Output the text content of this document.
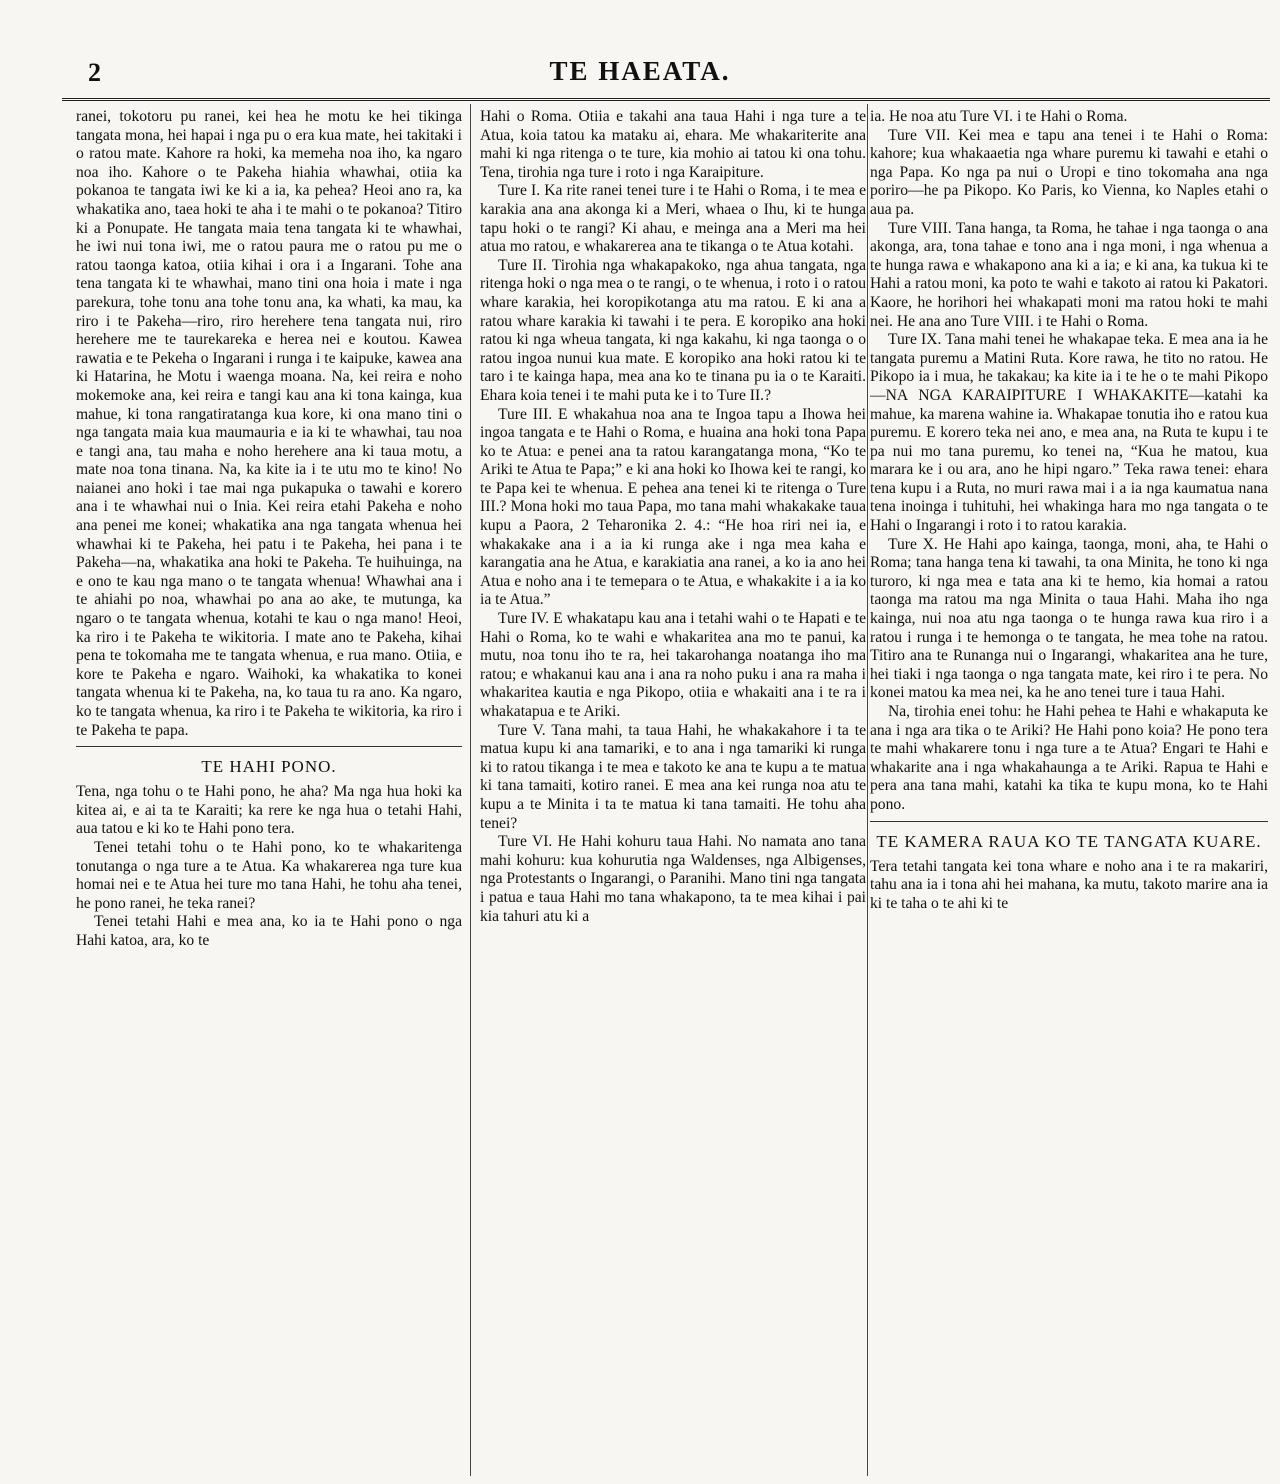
2	TE HAEATA.

ranei, tokotoru pu ranei, kei hea he motu ke hei tikinga tangata mona, hei hapai i nga pu o era kua mate, hei takitaki i o ratou mate. Kahore ra hoki, ka memeha noa iho, ka ngaro noa iho. Kahore o te Pakeha hiahia whawhai, otiia ka pokanoa te tangata iwi ke ki a ia, ka pehea? Heoi ano ra, ka whakatika ano, taea hoki te aha i te mahi o te pokanoa? Titiro ki a Ponupate. He tangata maia tena tangata ki te whawhai, he iwi nui tona iwi, me o ratou paura me o ratou pu me o ratou taonga katoa, otiia kihai i ora i a Ingarani. Tohe ana tena tangata ki te whawhai, mano tini ona hoia i mate i nga parekura, tohe tonu ana tohe tonu ana, ka whati, ka mau, ka riro i te Pakeha—riro, riro herehere tena tangata nui, riro herehere me te taurekareka e herea nei e koutou. Kawea rawatia e te Pekeha o Ingarani i runga i te kaipuke, kawea ana ki Hatarina, he Motu i waenga moana. Na, kei reira e noho mokemoke ana, kei reira e tangi kau ana ki tona kainga, kua mahue, ki tona rangatiratanga kua kore, ki ona mano tini o nga tangata maia kua maumauria e ia ki te whawhai, tau noa e tangi ana, tau maha e noho herehere ana ki taua motu, a mate noa tona tinana. Na, ka kite ia i te utu mo te kino! No naianei ano hoki i tae mai nga pukapuka o tawahi e korero ana i te whawhai nui o Inia. Kei reira etahi Pakeha e noho ana penei me konei; whakatika ana nga tangata whenua hei whawhai ki te Pakeha, hei patu i te Pakeha, hei pana i te Pakeha—na, whakatika ana hoki te Pakeha. Te huihuinga, na e ono te kau nga mano o te tangata whenua! Whawhai ana i te ahiahi po noa, whawhai po ana ao ake, te mutunga, ka ngaro o te tangata whenua, kotahi te kau o nga mano! Heoi, ka riro i te Pakeha te wikitoria. I mate ano te Pakeha, kihai pena te tokomaha me te tangata whenua, e rua mano. Otiia, e kore te Pakeha e ngaro. Waihoki, ka whakatika to konei tangata whenua ki te Pakeha, na, ko taua tu ra ano. Ka ngaro, ko te tangata whenua, ka riro i te Pakeha te wikitoria, ka riro i te Pakeha te papa.

TE HAHI PONO.

Tena, nga tohu o te Hahi pono, he aha? Ma nga hua hoki ka kitea ai, e ai ta te Karaiti; ka rere ke nga hua o tetahi Hahi, aua tatou e ki ko te Hahi pono tera.

Tenei tetahi tohu o te Hahi pono, ko te whakaritenga tonutanga o nga ture a te Atua. Ka whakarerea nga ture kua homai nei e te Atua hei ture mo tana Hahi, he tohu aha tenei, he pono ranei, he teka ranei?

Tenei tetahi Hahi e mea ana, ko ia te Hahi pono o nga Hahi katoa, ara, ko te

Hahi o Roma. Otiia e takahi ana taua Hahi i nga ture a te Atua, koia tatou ka mataku ai, ehara. Me whakariterite ana mahi ki nga ritenga o te ture, kia mohio ai tatou ki ona tohu. Tena, tirohia nga ture i roto i nga Karaipiture.

Ture I. Ka rite ranei tenei ture i te Hahi o Roma, i te mea e karakia ana ana akonga ki a Meri, whaea o Ihu, ki te hunga tapu hoki o te rangi? Ki ahau, e meinga ana a Meri ma hei atua mo ratou, e whakarerea ana te tikanga o te Atua kotahi.

Ture II. Tirohia nga whakapakoko, nga ahua tangata, nga ritenga hoki o nga mea o te rangi, o te whenua, i roto i o ratou whare karakia, hei koropikotanga atu ma ratou. E ki ana a ratou whare karakia ki tawahi i te pera. E koropiko ana hoki ratou ki nga wheua tangata, ki nga kakahu, ki nga taonga o o ratou ingoa nunui kua mate. E koropiko ana hoki ratou ki te taro i te kainga hapa, mea ana ko te tinana pu ia o te Karaiti. Ehara koia tenei i te mahi puta ke i to Ture II.?

Ture III. E whakahua noa ana te Ingoa tapu a Ihowa hei ingoa tangata e te Hahi o Roma, e huaina ana hoki tona Papa ko te Atua: e penei ana ta ratou karangatanga mona, “Ko te Ariki te Atua te Papa;” e ki ana hoki ko Ihowa kei te rangi, ko te Papa kei te whenua. E pehea ana tenei ki te ritenga o Ture III.? Mona hoki mo taua Papa, mo tana mahi whakakake taua kupu a Paora, 2 Teharonika 2. 4.: “He hoa riri nei ia, e whakakake ana i a ia ki runga ake i nga mea kaha e karangatia ana he Atua, e karakiatia ana ranei, a ko ia ano hei Atua e noho ana i te temepara o te Atua, e whakakite i a ia ko ia te Atua.”

Ture IV. E whakatapu kau ana i tetahi wahi o te Hapati e te Hahi o Roma, ko te wahi e whakaritea ana mo te panui, ka mutu, noa tonu iho te ra, hei takarohanga noatanga iho ma ratou; e whakanui kau ana i ana ra noho puku i ana ra maha i whakaritea kautia e nga Pikopo, otiia e whakaiti ana i te ra i whakatapua e te Ariki.

Ture V. Tana mahi, ta taua Hahi, he whakakahore i ta te matua kupu ki ana tamariki, e to ana i nga tamariki ki runga ki to ratou tikanga i te mea e takoto ke ana te kupu a te matua ki tana tamaiti, kotiro ranei. E mea ana kei runga noa atu te kupu a te Minita i ta te matua ki tana tamaiti. He tohu aha tenei?

Ture VI. He Hahi kohuru taua Hahi. No namata ano tana mahi kohuru: kua kohurutia nga Waldenses, nga Albigenses, nga Protestants o Ingarangi, o Paranihi. Mano tini nga tangata i patua e taua Hahi mo tana whakapono, ta te mea kihai i pai kia tahuri atu ki a

ia. He noa atu Ture VI. i te Hahi o Roma.

Ture VII. Kei mea e tapu ana tenei i te Hahi o Roma: kahore; kua whakaaetia nga whare puremu ki tawahi e etahi o nga Papa. Ko nga pa nui o Uropi e tino tokomaha ana nga poriro—he pa Pikopo. Ko Paris, ko Vienna, ko Naples etahi o aua pa.

Ture VIII. Tana hanga, ta Roma, he tahae i nga taonga o ana akonga, ara, tona tahae e tono ana i nga moni, i nga whenua a te hunga rawa e whakapono ana ki a ia; e ki ana, ka tukua ki te Hahi a ratou moni, ka poto te wahi e takoto ai ratou ki Pakatori. Kaore, he horihori hei whakapati moni ma ratou hoki te mahi nei. He ana ano Ture VIII. i te Hahi o Roma.

Ture IX. Tana mahi tenei he whakapae teka. E mea ana ia he tangata puremu a Matini Ruta. Kore rawa, he tito no ratou. He Pikopo ia i mua, he takakau; ka kite ia i te he o te mahi Pikopo—NA NGA KARAIPITURE I WHAKAKITE—katahi ka mahue, ka marena wahine ia. Whakapae tonutia iho e ratou kua puremu. E korero teka nei ano, e mea ana, na Ruta te kupu i te pa nui mo tana puremu, ko tenei na, “Kua he matou, kua marara ke i ou ara, ano he hipi ngaro.” Teka rawa tenei: ehara tena kupu i a Ruta, no muri rawa mai i a ia nga kaumatua nana tena inoinga i tuhituhi, hei whakinga hara mo nga tangata o te Hahi o Ingarangi i roto i to ratou karakia.

Ture X. He Hahi apo kainga, taonga, moni, aha, te Hahi o Roma; tana hanga tena ki tawahi, ta ona Minita, he tono ki nga turoro, ki nga mea e tata ana ki te hemo, kia homai a ratou taonga ma ratou ma nga Minita o taua Hahi. Maha iho nga kainga, nui noa atu nga taonga o te hunga rawa kua riro i a ratou i runga i te hemonga o te tangata, he mea tohe na ratou. Titiro ana te Runanga nui o Ingarangi, whakaritea ana he ture, hei tiaki i nga taonga o nga tangata mate, kei riro i te pera. No konei matou ka mea nei, ka he ano tenei ture i taua Hahi.

Na, tirohia enei tohu: he Hahi pehea te Hahi e whakaputa ke ana i nga ara tika o te Ariki? He Hahi pono koia? He pono tera te mahi whakarere tonu i nga ture a te Atua? Engari te Hahi e whakarite ana i nga whakahaunga a te Ariki. Rapua te Hahi e pera ana tana mahi, katahi ka tika te kupu mona, ko te Hahi pono.

TE KAMERA RAUA KO TE TANGATA KUARE.

Tera tetahi tangata kei tona whare e noho ana i te ra makariri, tahu ana ia i tona ahi hei mahana, ka mutu, takoto marire ana ia ki te taha o te ahi ki te
